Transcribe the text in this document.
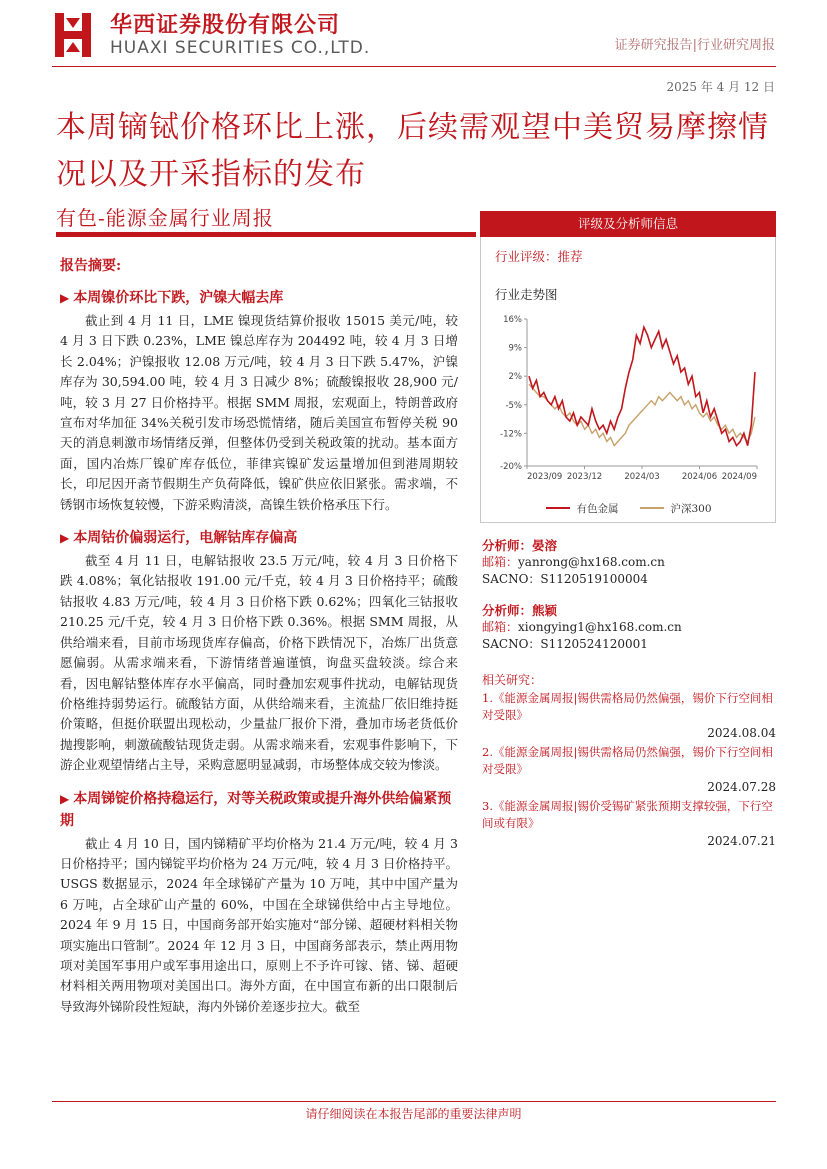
华西证券股份有限公司
HUAXI SECURITIES CO.,LTD.	证券研究报告|行业研究周报
2025 年 4 月 12 日
本周镝铽价格环比上涨，后续需观望中美贸易摩擦情况以及开采指标的发布
有色-能源金属行业周报
报告摘要:
▶ 本周镍价环比下跌，沪镍大幅去库

截止到 4 月 11 日，LME 镍现货结算价报收 15015 美元/吨，较 4 月 3 日下跌 0.23%，LME 镍总库存为 204492 吨，较 4 月 3 日增长 2.04%；沪镍报收 12.08 万元/吨，较 4 月 3 日下跌 5.47%，沪镍库存为 30,594.00 吨，较 4 月 3 日减少 8%；硫酸镍报收 28,900 元/吨，较 3 月 27 日价格持平。根据 SMM 周报，宏观面上，特朗普政府宣布对华加征 34%关税引发市场恐慌情绪，随后美国宣布暂停关税 90 天的消息刺激市场情绪反弹，但整体仍受到关税政策的扰动。基本面方面，国内冶炼厂镍矿库存低位，菲律宾镍矿发运量增加但到港周期较长，印尼因开斋节假期生产负荷降低，镍矿供应依旧紧张。需求端，不锈钢市场恢复较慢，下游采购清淡，高镍生铁价格承压下行。

▶ 本周钴价偏弱运行，电解钴库存偏高

截至 4 月 11 日，电解钴报收 23.5 万元/吨，较 4 月 3 日价格下跌 4.08%；氧化钴报收 191.00 元/千克，较 4 月 3 日价格持平；硫酸钴报收 4.83 万元/吨，较 4 月 3 日价格下跌 0.62%；四氧化三钴报收 210.25 元/千克，较 4 月 3 日价格下跌 0.36%。根据 SMM 周报，从供给端来看，目前市场现货库存偏高，价格下跌情况下，冶炼厂出货意愿偏弱。从需求端来看，下游情绪普遍谨慎，询盘买盘较淡。综合来看，因电解钴整体库存水平偏高，同时叠加宏观事件扰动，电解钴现货价格维持弱势运行。硫酸钴方面，从供给端来看，主流盐厂依旧维持挺价策略，但挺价联盟出现松动，少量盐厂报价下滑，叠加市场老货低价抛搜影响，刺激硫酸钴现货走弱。从需求端来看，宏观事件影响下，下游企业观望情绪占主导，采购意愿明显减弱，市场整体成交较为惨淡。

▶ 本周锑锭价格持稳运行，对等关税政策或提升海外供给偏紧预期

截止 4 月 10 日，国内锑精矿平均价格为 21.4 万元/吨，较 4 月 3 日价格持平；国内锑锭平均价格为 24 万元/吨，较 4 月 3 日价格持平。USGS 数据显示，2024 年全球锑矿产量为 10 万吨，其中中国产量为 6 万吨，占全球矿山产量的 60%，中国在全球锑供给中占主导地位。2024 年 9 月 15 日，中国商务部开始实施对“部分锑、超硬材料相关物项实施出口管制”。2024 年 12 月 3 日，中国商务部表示，禁止两用物项对美国军事用户或军事用途出口，原则上不予许可镓、锗、锑、超硬材料相关两用物项对美国出口。海外方面，在中国宣布新的出口限制后导致海外锑阶段性短缺，海内外锑价差逐步拉大。截至

评级及分析师信息
行业评级：推荐
行业走势图
16%
9%
2%
-5%
-12%
-20%
2023/09 2023/12	2024/03	2024/06 2024/09
有色金属	沪深300
分析师：晏溶
邮箱：yanrong@hx168.com.cn
SACNO：S1120519100004
分析师：熊颖
邮箱：xiongying1@hx168.com.cn
SACNO：S1120524120001
相关研究：
1.《能源金属周报|锡供需格局仍然偏强，锡价下行空间相对受限》
2024.08.04
2.《能源金属周报|锡供需格局仍然偏强，锡价下行空间相对受限》
2024.07.28
3.《能源金属周报|锡价受锡矿紧张预期支撑较强，下行空间或有限》
2024.07.21
请仔细阅读在本报告尾部的重要法律声明
